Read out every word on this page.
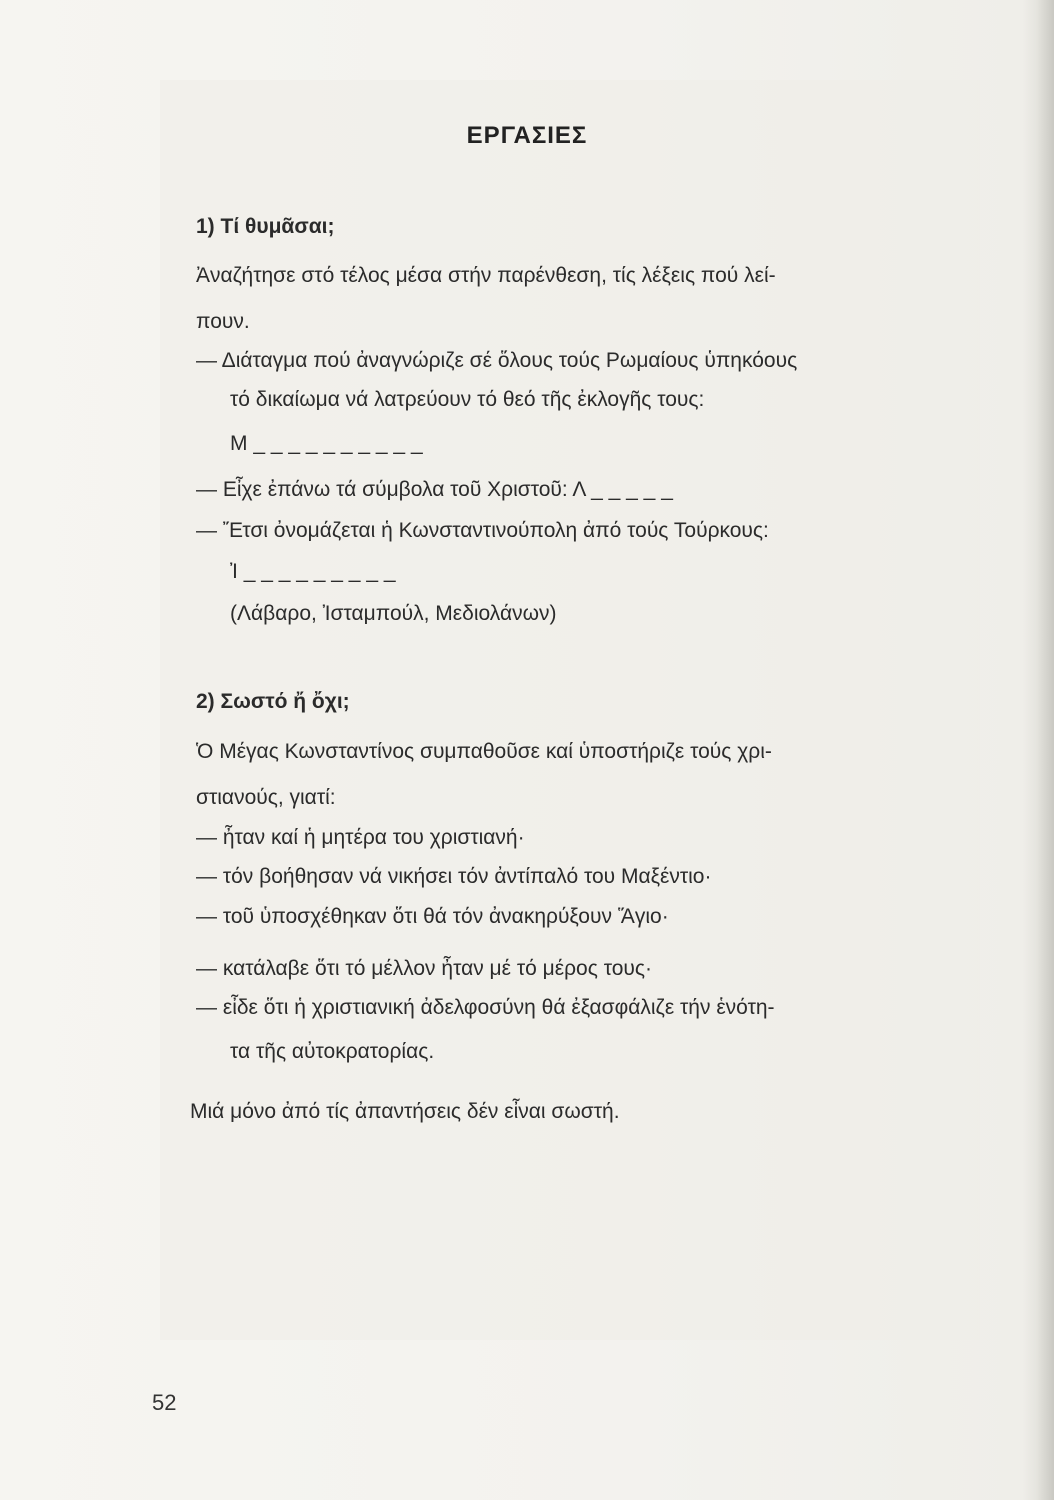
ΕΡΓΑΣΙΕΣ
1) Τί θυμᾶσαι;
Ἀναζήτησε στό τέλος μέσα στήν παρένθεση, τίς λέξεις πού λεί-
πουν.
— Διάταγμα πού ἀναγνώριζε σέ ὅλους τούς Ρωμαίους ὑπηκόους
τό δικαίωμα νά λατρεύουν τό θεό τῆς ἐκλογῆς τους:
Μ _ _ _ _ _ _ _ _ _ _
— Εἶχε ἐπάνω τά σύμβολα τοῦ Χριστοῦ: Λ _ _ _ _ _
— Ἔτσι ὀνομάζεται ἡ Κωνσταντινούπολη ἀπό τούς Τούρκους:
Ἰ _ _ _ _ _ _ _ _ _
(Λάβαρο, Ἰσταμπούλ, Μεδιολάνων)
2) Σωστό ἤ ὄχι;
Ὁ Μέγας Κωνσταντίνος συμπαθοῦσε καί ὑποστήριζε τούς χρι-
στιανούς, γιατί:
— ἦταν καί ἡ μητέρα του χριστιανή·
— τόν βοήθησαν νά νικήσει τόν ἀντίπαλό του Μαξέντιο·
— τοῦ ὑποσχέθηκαν ὅτι θά τόν ἀνακηρύξουν Ἅγιο·
— κατάλαβε ὅτι τό μέλλον ἦταν μέ τό μέρος τους·
— εἶδε ὅτι ἡ χριστιανική ἀδελφοσύνη θά ἐξασφάλιζε τήν ἑνότη-
τα τῆς αὐτοκρατορίας.
Μιά μόνο ἀπό τίς ἀπαντήσεις δέν εἶναι σωστή.
52
